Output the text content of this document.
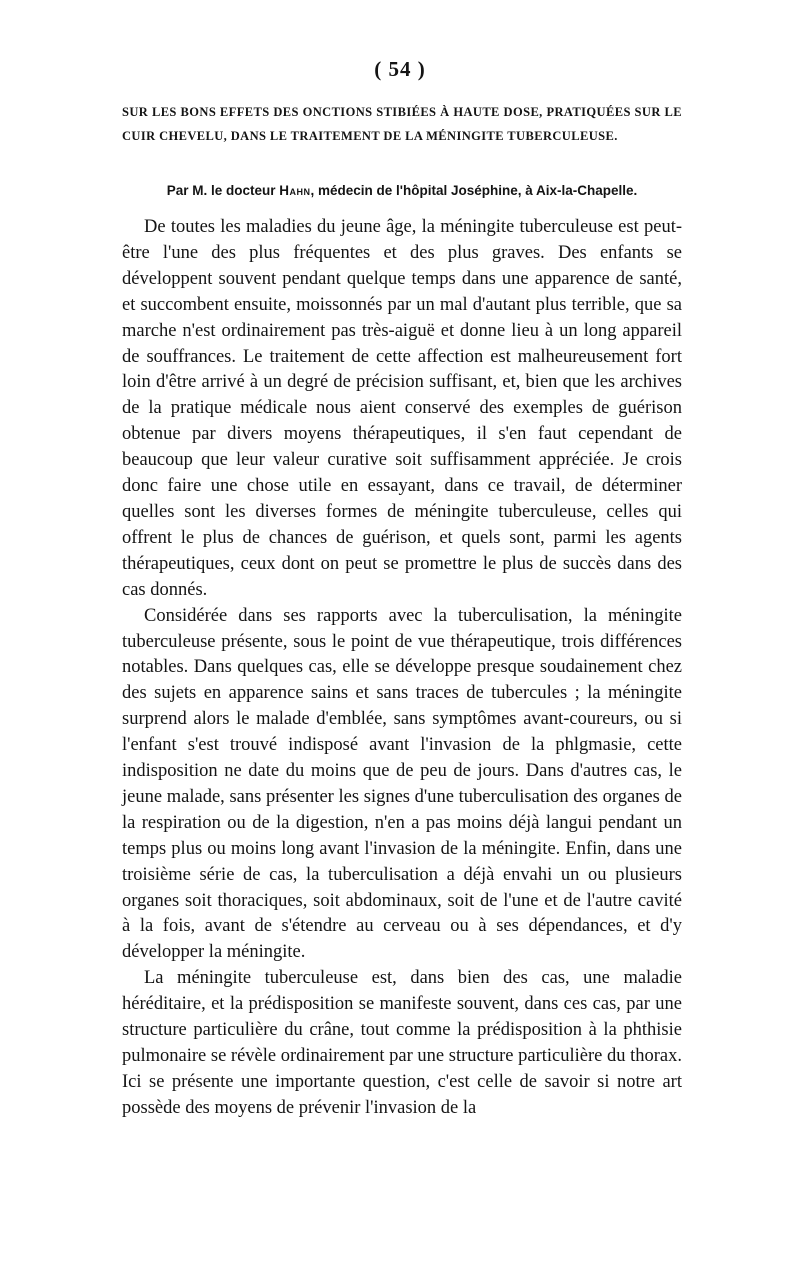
( 54 )
SUR LES BONS EFFETS DES ONCTIONS STIBIÉES À HAUTE DOSE, PRATIQUÉES SUR LE CUIR CHEVELU, DANS LE TRAITEMENT DE LA MÉNINGITE TUBERCULEUSE.
Par M. le docteur Hahn, médecin de l'hôpital Joséphine, à Aix-la-Chapelle.

De toutes les maladies du jeune âge, la méningite tuberculeuse est peut-être l'une des plus fréquentes et des plus graves. Des enfants se développent souvent pendant quelque temps dans une apparence de santé, et succombent ensuite, moissonnés par un mal d'autant plus terrible, que sa marche n'est ordinairement pas très-aiguë et donne lieu à un long appareil de souffrances. Le traitement de cette affection est malheureusement fort loin d'être arrivé à un degré de précision suffisant, et, bien que les archives de la pratique médicale nous aient conservé des exemples de guérison obtenue par divers moyens thérapeutiques, il s'en faut cependant de beaucoup que leur valeur curative soit suffisamment appréciée. Je crois donc faire une chose utile en essayant, dans ce travail, de déterminer quelles sont les diverses formes de méningite tuberculeuse, celles qui offrent le plus de chances de guérison, et quels sont, parmi les agents thérapeutiques, ceux dont on peut se promettre le plus de succès dans des cas donnés.

Considérée dans ses rapports avec la tuberculisation, la méningite tuberculeuse présente, sous le point de vue thérapeutique, trois différences notables. Dans quelques cas, elle se développe presque soudainement chez des sujets en apparence sains et sans traces de tubercules ; la méningite surprend alors le malade d'emblée, sans symptômes avant-coureurs, ou si l'enfant s'est trouvé indisposé avant l'invasion de la phlgmasie, cette indisposition ne date du moins que de peu de jours. Dans d'autres cas, le jeune malade, sans présenter les signes d'une tuberculisation des organes de la respiration ou de la digestion, n'en a pas moins déjà langui pendant un temps plus ou moins long avant l'invasion de la méningite. Enfin, dans une troisième série de cas, la tuberculisation a déjà envahi un ou plusieurs organes soit thoraciques, soit abdominaux, soit de l'une et de l'autre cavité à la fois, avant de s'étendre au cerveau ou à ses dépendances, et d'y développer la méningite.

La méningite tuberculeuse est, dans bien des cas, une maladie héréditaire, et la prédisposition se manifeste souvent, dans ces cas, par une structure particulière du crâne, tout comme la prédisposition à la phthisie pulmonaire se révèle ordinairement par une structure particulière du thorax. Ici se présente une importante question, c'est celle de savoir si notre art possède des moyens de prévenir l'invasion de la
